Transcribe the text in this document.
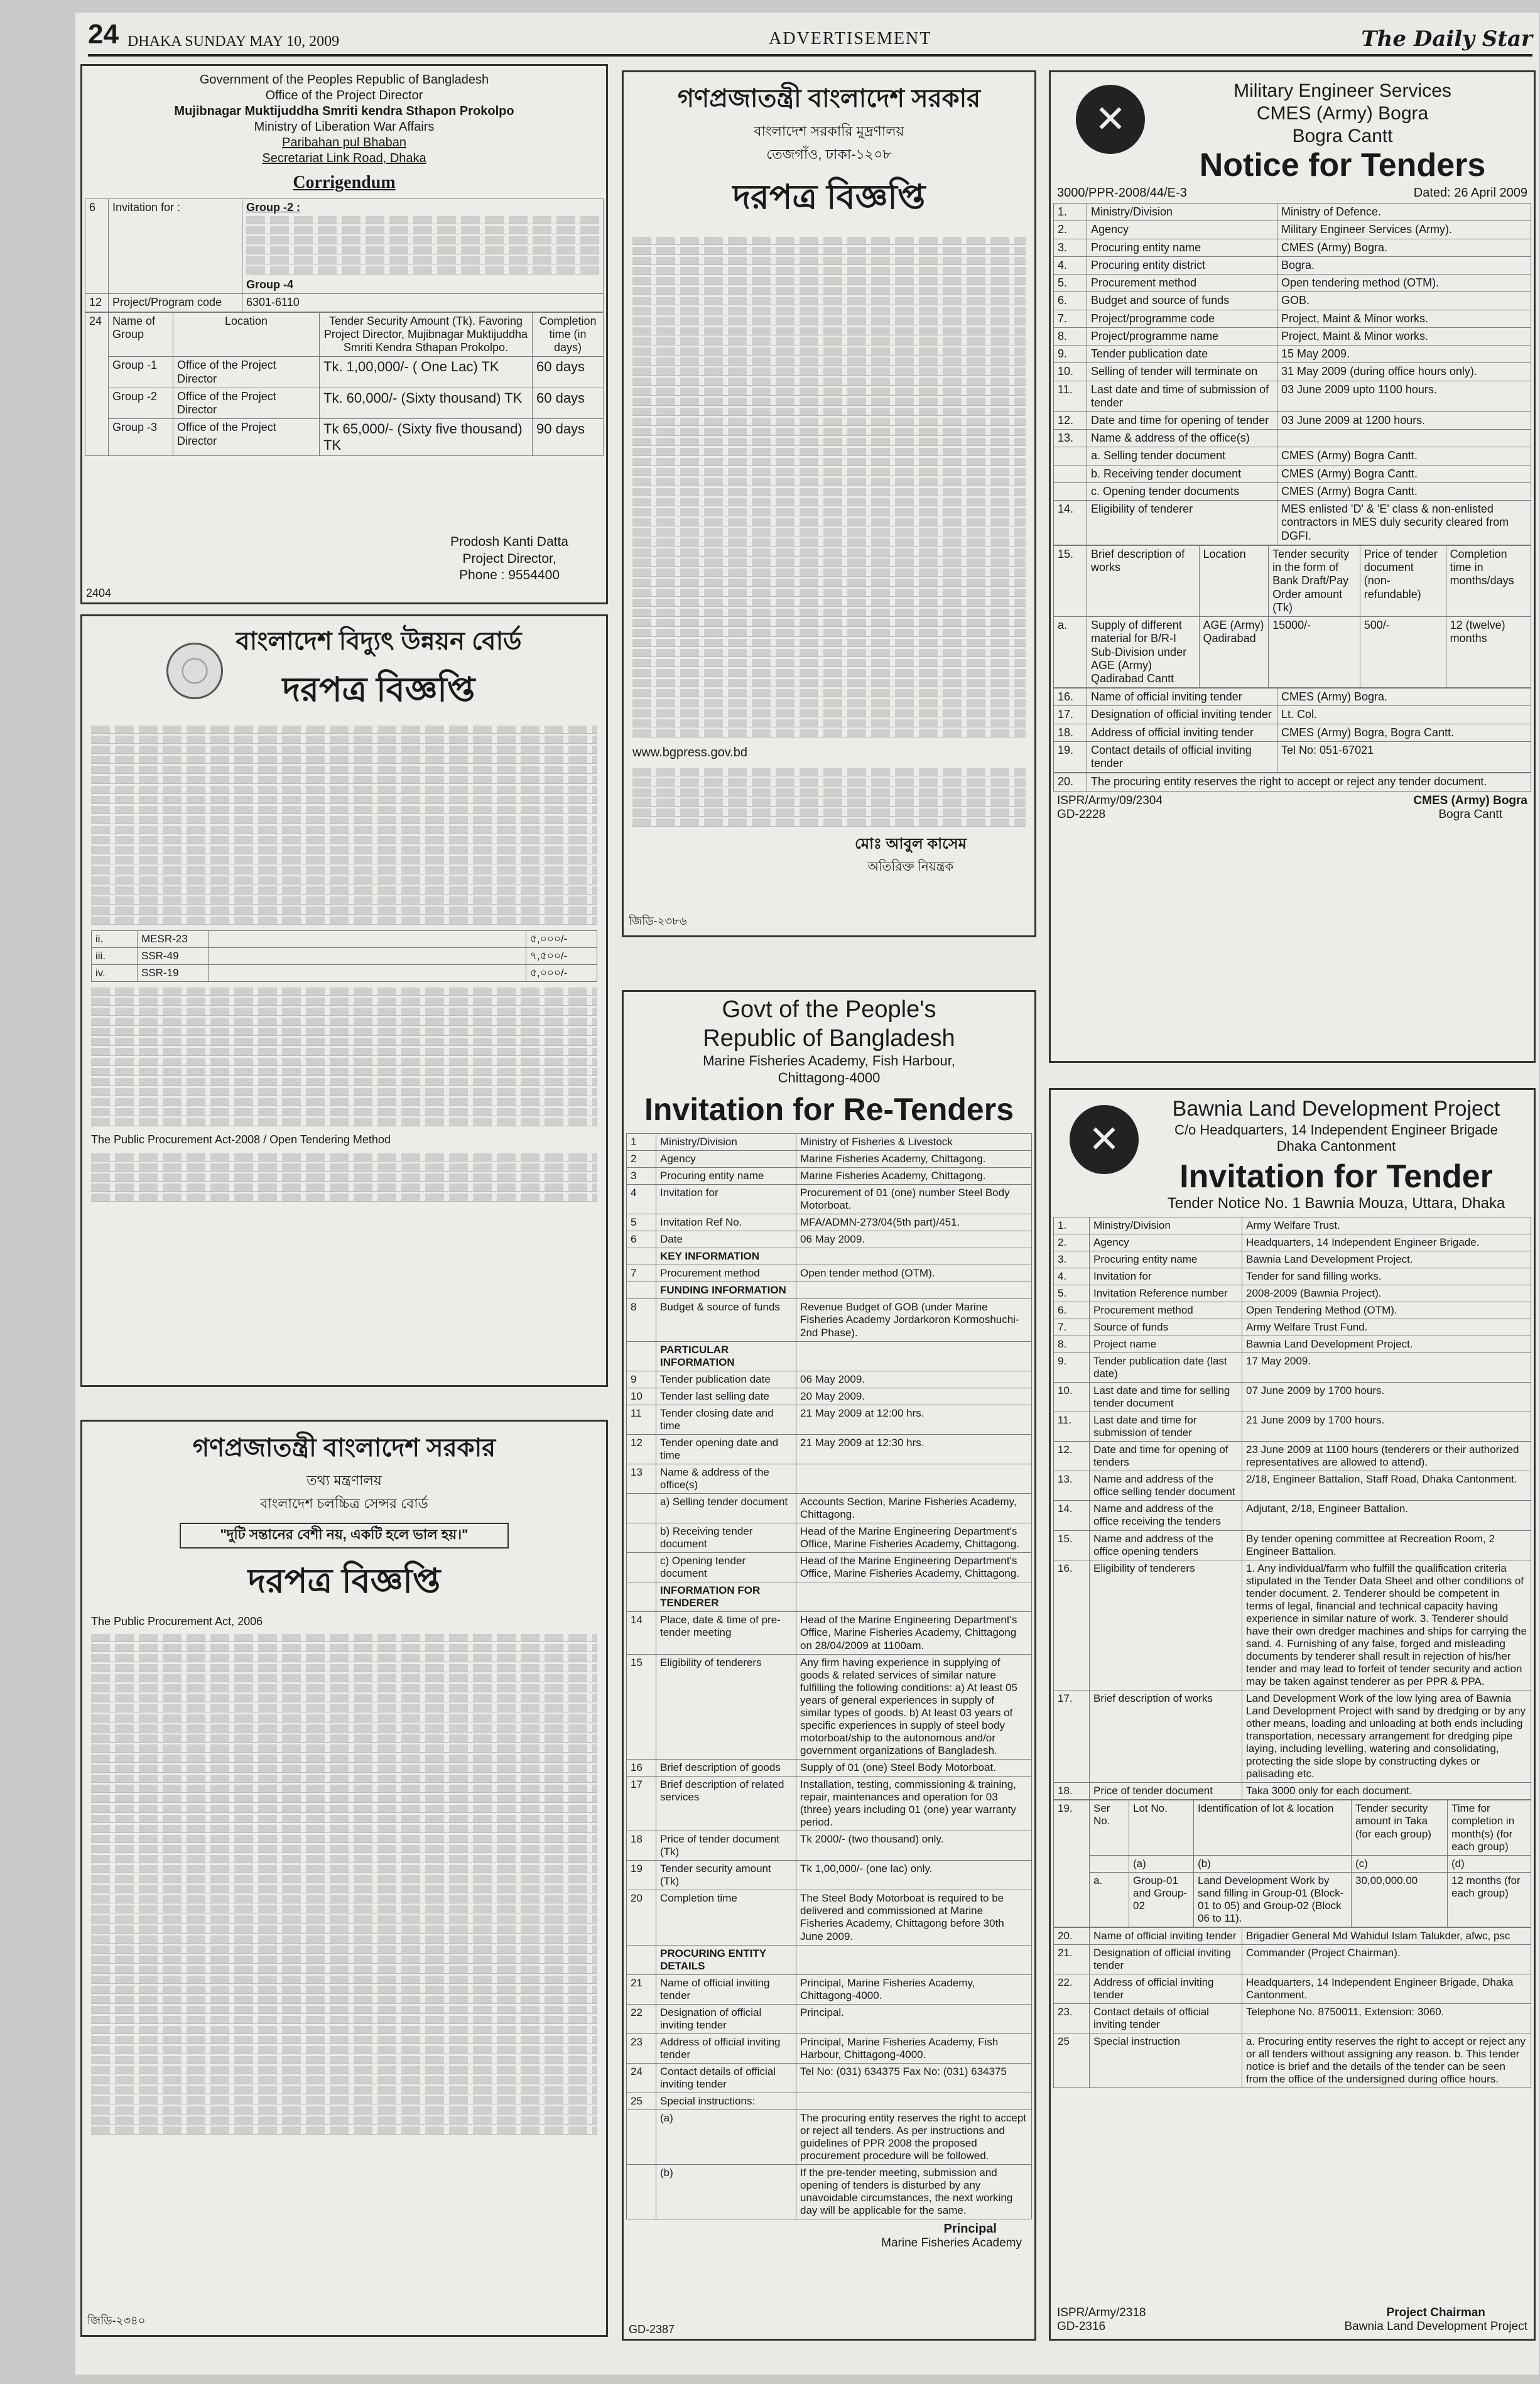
24 DHAKA SUNDAY MAY 10, 2009	ADVERTISEMENT	The Daily Star
Government of the Peoples Republic of Bangladesh
Office of the Project Director
Mujibnagar Muktijuddha Smriti kendra Sthapon Prokolpo
Ministry of Liberation War Affairs
Paribahan pul Bhaban
Secretariat Link Road, Dhaka
Corrigendum
6	Invitation for :	Group -2 :
Group -4

12	Project/Program code	6301-6110
24	Name of Group	Location	Tender Security Amount (Tk). Favoring Project Director, Mujibnagar Muktijuddha Smriti Kendra Sthapan Prokolpo.	Completion time (in days)
	Group -1	Office of the Project Director	Tk. 1,00,000/- ( One Lac) TK	60 days
	Group -2	Office of the Project Director	Tk. 60,000/- (Sixty thousand) TK	60 days
	Group -3	Office of the Project Director	Tk 65,000/- (Sixty five thousand) TK	90 days
Prodosh Kanti Datta
Project Director,
Phone : 9554400
2404
বাংলাদেশ বিদ্যুৎ উন্নয়ন বোর্ড
দরপত্র বিজ্ঞপ্তি
ii.	MESR-23		৫,০০০/-
iii.	SSR-49		৭,৫০০/-
iv.	SSR-19		৫,০০০/-
The Public Procurement Act-2008 / Open Tendering Method
গণপ্রজাতন্ত্রী বাংলাদেশ সরকার
তথ্য মন্ত্রণালয়
বাংলাদেশ চলচ্চিত্র সেন্সর বোর্ড
"দুটি সন্তানের বেশী নয়, একটি হলে ভাল হয়।"
দরপত্র বিজ্ঞপ্তি
The Public Procurement Act, 2006
জিডি-২৩৪০
গণপ্রজাতন্ত্রী বাংলাদেশ সরকার
বাংলাদেশ সরকারি মুদ্রণালয়
তেজগাঁও, ঢাকা-১২০৮
দরপত্র বিজ্ঞপ্তি
www.bgpress.gov.bd
মোঃ আবুল কাসেম
অতিরিক্ত নিয়ন্ত্রক
জিডি-২৩৮৬
Govt of the People's
Republic of Bangladesh
Marine Fisheries Academy, Fish Harbour,
Chittagong-4000
Invitation for Re-Tenders
1	Ministry/Division	Ministry of Fisheries & Livestock
2	Agency	Marine Fisheries Academy, Chittagong.
3	Procuring entity name	Marine Fisheries Academy, Chittagong.
4	Invitation for	Procurement of 01 (one) number Steel Body Motorboat.
5	Invitation Ref No.	MFA/ADMN-273/04(5th part)/451.
6	Date	06 May 2009.
	KEY INFORMATION	
7	Procurement method	Open tender method (OTM).
	FUNDING INFORMATION	
8	Budget & source of funds	Revenue Budget of GOB (under Marine Fisheries Academy Jordarkoron Kormoshuchi-2nd Phase).
	PARTICULAR INFORMATION	
9	Tender publication date	06 May 2009.
10	Tender last selling date	20 May 2009.
11	Tender closing date and time	21 May 2009 at 12:00 hrs.
12	Tender opening date and time	21 May 2009 at 12:30 hrs.
13	Name & address of the office(s)	
	a) Selling tender document	Accounts Section, Marine Fisheries Academy, Chittagong.
	b) Receiving tender document	Head of the Marine Engineering Department's Office, Marine Fisheries Academy, Chittagong.
	c) Opening tender document	Head of the Marine Engineering Department's Office, Marine Fisheries Academy, Chittagong.
	INFORMATION FOR TENDERER	
14	Place, date & time of pre-tender meeting	Head of the Marine Engineering Department's Office, Marine Fisheries Academy, Chittagong on 28/04/2009 at 1100am.
15	Eligibility of tenderers	Any firm having experience in supplying of goods & related services of similar nature fulfilling the following conditions: a) At least 05 years of general experiences in supply of similar types of goods. b) At least 03 years of specific experiences in supply of steel body motorboat/ship to the autonomous and/or government organizations of Bangladesh.
16	Brief description of goods	Supply of 01 (one) Steel Body Motorboat.
17	Brief description of related services	Installation, testing, commissioning & training, repair, maintenances and operation for 03 (three) years including 01 (one) year warranty period.
18	Price of tender document (Tk)	Tk 2000/- (two thousand) only.
19	Tender security amount (Tk)	Tk 1,00,000/- (one lac) only.
20	Completion time	The Steel Body Motorboat is required to be delivered and commissioned at Marine Fisheries Academy, Chittagong before 30th June 2009.
	PROCURING ENTITY DETAILS	
21	Name of official inviting tender	Principal, Marine Fisheries Academy, Chittagong-4000.
22	Designation of official inviting tender	Principal.
23	Address of official inviting tender	Principal, Marine Fisheries Academy, Fish Harbour, Chittagong-4000.
24	Contact details of official inviting tender	Tel No: (031) 634375 Fax No: (031) 634375
25	Special instructions:	
	(a)	The procuring entity reserves the right to accept or reject all tenders. As per instructions and guidelines of PPR 2008 the proposed procurement procedure will be followed.
	(b)	If the pre-tender meeting, submission and opening of tenders is disturbed by any unavoidable circumstances, the next working day will be applicable for the same.
Principal
Marine Fisheries Academy
GD-2387
✕
Military Engineer Services
CMES (Army) Bogra
Bogra Cantt
Notice for Tenders
3000/PPR-2008/44/E-3	Dated: 26 April 2009
1.	Ministry/Division	Ministry of Defence.
2.	Agency	Military Engineer Services (Army).
3.	Procuring entity name	CMES (Army) Bogra.
4.	Procuring entity district	Bogra.
5.	Procurement method	Open tendering method (OTM).
6.	Budget and source of funds	GOB.
7.	Project/programme code	Project, Maint & Minor works.
8.	Project/programme name	Project, Maint & Minor works.
9.	Tender publication date	15 May 2009.
10.	Selling of tender will terminate on	31 May 2009 (during office hours only).
11.	Last date and time of submission of tender	03 June 2009 upto 1100 hours.
12.	Date and time for opening of tender	03 June 2009 at 1200 hours.
13.	Name & address of the office(s)	
	a. Selling tender document	CMES (Army) Bogra Cantt.
	b. Receiving tender document	CMES (Army) Bogra Cantt.
	c. Opening tender documents	CMES (Army) Bogra Cantt.
14.	Eligibility of tenderer	MES enlisted 'D' & 'E' class & non-enlisted contractors in MES duly security cleared from DGFI.
15.	Brief description of works	Location	Tender security in the form of Bank Draft/Pay Order amount (Tk)	Price of tender document (non-refundable)	Completion time in months/days
a.	Supply of different material for B/R-I Sub-Division under AGE (Army) Qadirabad Cantt	AGE (Army) Qadirabad	15000/-	500/-	12 (twelve) months
16.	Name of official inviting tender	CMES (Army) Bogra.
17.	Designation of official inviting tender	Lt. Col.
18.	Address of official inviting tender	CMES (Army) Bogra, Bogra Cantt.
19.	Contact details of official inviting tender	Tel No: 051-67021
20.	The procuring entity reserves the right to accept or reject any tender document.
ISPR/Army/09/2304
GD-2228
CMES (Army) Bogra
Bogra Cantt
✕
Bawnia Land Development Project
C/o Headquarters, 14 Independent Engineer Brigade
Dhaka Cantonment
Invitation for Tender
Tender Notice No. 1 Bawnia Mouza, Uttara, Dhaka
1.	Ministry/Division	Army Welfare Trust.
2.	Agency	Headquarters, 14 Independent Engineer Brigade.
3.	Procuring entity name	Bawnia Land Development Project.
4.	Invitation for	Tender for sand filling works.
5.	Invitation Reference number	2008-2009 (Bawnia Project).
6.	Procurement method	Open Tendering Method (OTM).
7.	Source of funds	Army Welfare Trust Fund.
8.	Project name	Bawnia Land Development Project.
9.	Tender publication date (last date)	17 May 2009.
10.	Last date and time for selling tender document	07 June 2009 by 1700 hours.
11.	Last date and time for submission of tender	21 June 2009 by 1700 hours.
12.	Date and time for opening of tenders	23 June 2009 at 1100 hours (tenderers or their authorized representatives are allowed to attend).
13.	Name and address of the office selling tender document	2/18, Engineer Battalion, Staff Road, Dhaka Cantonment.
14.	Name and address of the office receiving the tenders	Adjutant, 2/18, Engineer Battalion.
15.	Name and address of the office opening tenders	By tender opening committee at Recreation Room, 2 Engineer Battalion.
16.	Eligibility of tenderers	1. Any individual/farm who fulfill the qualification criteria stipulated in the Tender Data Sheet and other conditions of tender document. 2. Tenderer should be competent in terms of legal, financial and technical capacity having experience in similar nature of work. 3. Tenderer should have their own dredger machines and ships for carrying the sand. 4. Furnishing of any false, forged and misleading documents by tenderer shall result in rejection of his/her tender and may lead to forfeit of tender security and action may be taken against tenderer as per PPR & PPA.
17.	Brief description of works	Land Development Work of the low lying area of Bawnia Land Development Project with sand by dredging or by any other means, loading and unloading at both ends including transportation, necessary arrangement for dredging pipe laying, including levelling, watering and consolidating, protecting the side slope by constructing dykes or palisading etc.
18.	Price of tender document	Taka 3000 only for each document.
19.	Ser No.	Lot No.	Identification of lot & location	Tender security amount in Taka (for each group)	Time for completion in month(s) (for each group)
		(a)	(b)	(c)	(d)
	a.	Group-01 and Group-02	Land Development Work by sand filling in Group-01 (Block-01 to 05) and Group-02 (Block 06 to 11).	30,00,000.00	12 months (for each group)
20.	Name of official inviting tender	Brigadier General Md Wahidul Islam Talukder, afwc, psc
21.	Designation of official inviting tender	Commander (Project Chairman).
22.	Address of official inviting tender	Headquarters, 14 Independent Engineer Brigade, Dhaka Cantonment.
23.	Contact details of official inviting tender	Telephone No. 8750011, Extension: 3060.
25	Special instruction	a. Procuring entity reserves the right to accept or reject any or all tenders without assigning any reason. b. This tender notice is brief and the details of the tender can be seen from the office of the undersigned during office hours.
ISPR/Army/2318
GD-2316
Project Chairman
Bawnia Land Development Project
